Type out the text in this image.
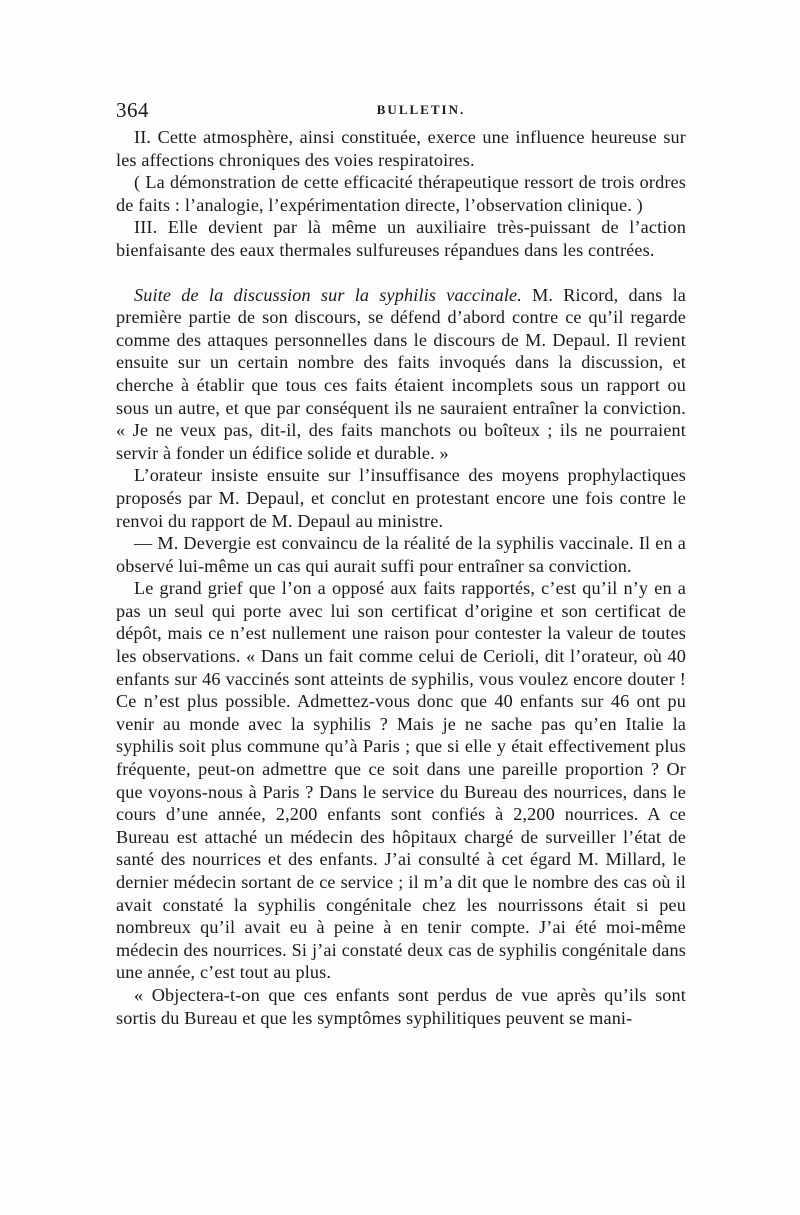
364	BULLETIN.

II. Cette atmosphère, ainsi constituée, exerce une influence heureuse sur les affections chroniques des voies respiratoires.

( La démonstration de cette efficacité thérapeutique ressort de trois ordres de faits : l’analogie, l’expérimentation directe, l’observation clinique. )

III. Elle devient par là même un auxiliaire très-puissant de l’action bienfaisante des eaux thermales sulfureuses répandues dans les contrées.

Suite de la discussion sur la syphilis vaccinale. M. Ricord, dans la première partie de son discours, se défend d’abord contre ce qu’il regarde comme des attaques personnelles dans le discours de M. Depaul. Il revient ensuite sur un certain nombre des faits invoqués dans la discussion, et cherche à établir que tous ces faits étaient incomplets sous un rapport ou sous un autre, et que par conséquent ils ne sauraient entraîner la conviction. « Je ne veux pas, dit-il, des faits manchots ou boîteux ; ils ne pourraient servir à fonder un édifice solide et durable. »

L’orateur insiste ensuite sur l’insuffisance des moyens prophylactiques proposés par M. Depaul, et conclut en protestant encore une fois contre le renvoi du rapport de M. Depaul au ministre.

— M. Devergie est convaincu de la réalité de la syphilis vaccinale. Il en a observé lui-même un cas qui aurait suffi pour entraîner sa conviction.

Le grand grief que l’on a opposé aux faits rapportés, c’est qu’il n’y en a pas un seul qui porte avec lui son certificat d’origine et son certificat de dépôt, mais ce n’est nullement une raison pour contester la valeur de toutes les observations. « Dans un fait comme celui de Cerioli, dit l’orateur, où 40 enfants sur 46 vaccinés sont atteints de syphilis, vous voulez encore douter ! Ce n’est plus possible. Admettez-vous donc que 40 enfants sur 46 ont pu venir au monde avec la syphilis ? Mais je ne sache pas qu’en Italie la syphilis soit plus commune qu’à Paris ; que si elle y était effectivement plus fréquente, peut-on admettre que ce soit dans une pareille proportion ? Or que voyons-nous à Paris ? Dans le service du Bureau des nourrices, dans le cours d’une année, 2,200 enfants sont confiés à 2,200 nourrices. A ce Bureau est attaché un médecin des hôpitaux chargé de surveiller l’état de santé des nourrices et des enfants. J’ai consulté à cet égard M. Millard, le dernier médecin sortant de ce service ; il m’a dit que le nombre des cas où il avait constaté la syphilis congénitale chez les nourrissons était si peu nombreux qu’il avait eu à peine à en tenir compte. J’ai été moi-même médecin des nourrices. Si j’ai constaté deux cas de syphilis congénitale dans une année, c’est tout au plus.

« Objectera-t-on que ces enfants sont perdus de vue après qu’ils sont sortis du Bureau et que les symptômes syphilitiques peuvent se mani-
